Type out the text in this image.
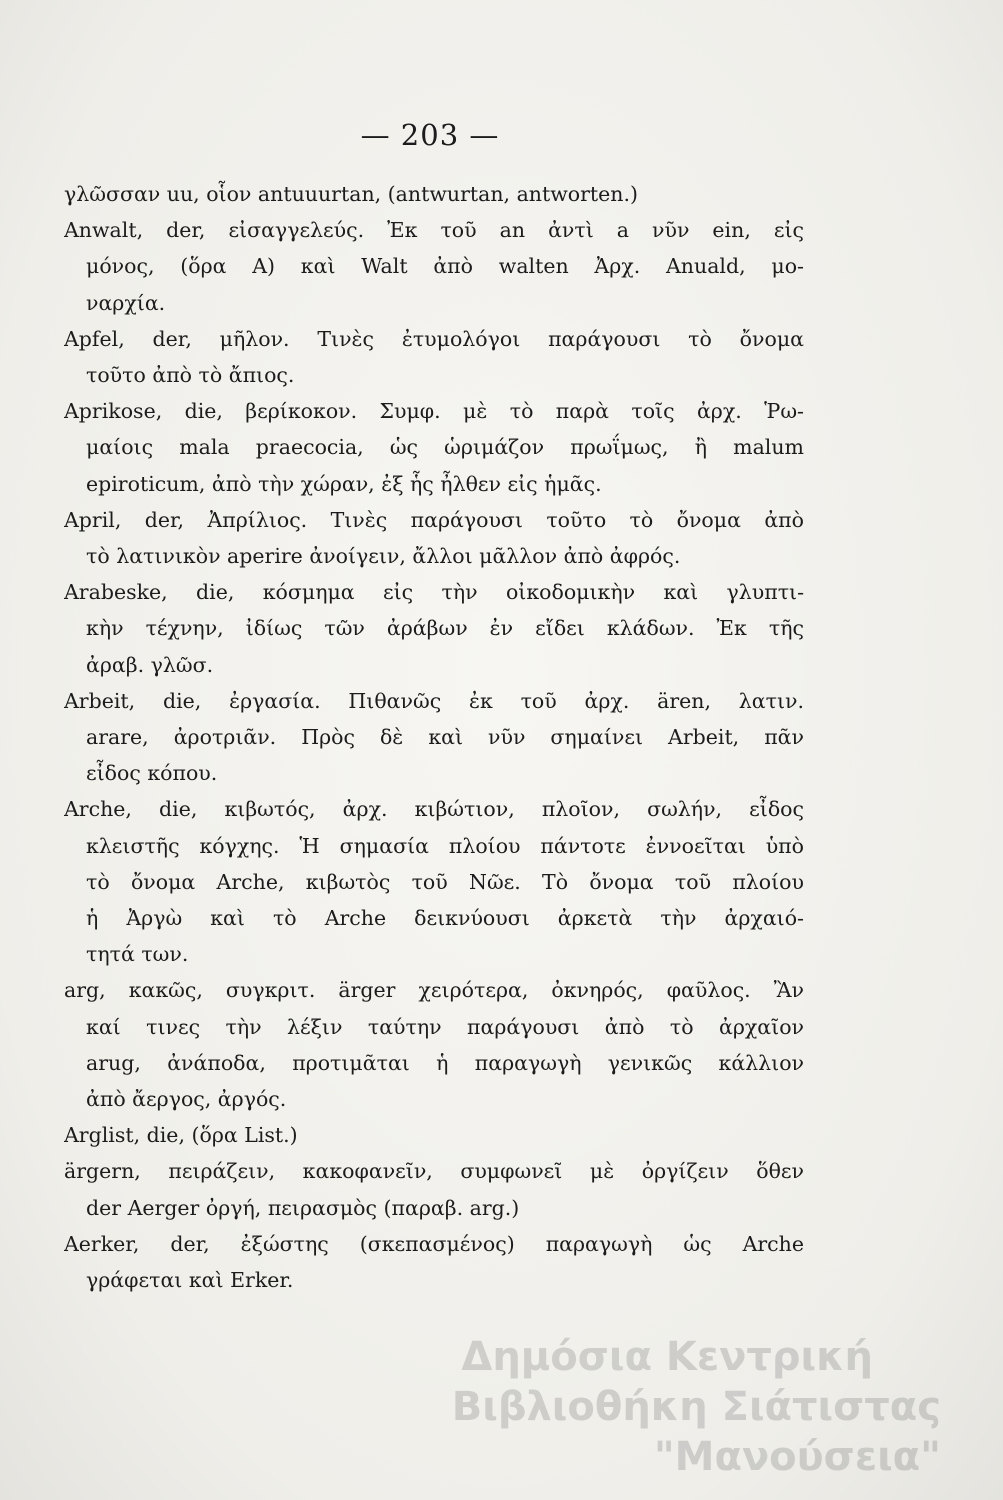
— 203 —
γλῶσσαν uu, οἷον antuuurtan, (antwurtan, antworten.)
Anwalt, der, εἰσαγγελεύς. Ἐκ τοῦ an ἀντὶ a νῦν ein, εἰς
μόνος, (ὅρα A) καὶ Walt ἀπὸ walten Ἀρχ. Anuald, μο-
ναρχία.
Apfel, der, μῆλον. Τινὲς ἐτυμολόγοι παράγουσι τὸ ὄνομα
τοῦτο ἀπὸ τὸ ἄπιος.
Aprikose, die, βερίκοκον. Συμφ. μὲ τὸ παρὰ τοῖς ἀρχ. Ῥω-
μαίοις mala praecocia, ὡς ὡριμάζον πρωΐμως, ἢ malum
epiroticum, ἀπὸ τὴν χώραν, ἐξ ἧς ἦλθεν εἰς ἡμᾶς.
April, der, Ἀπρίλιος. Τινὲς παράγουσι τοῦτο τὸ ὄνομα ἀπὸ
τὸ λατινικὸν aperire ἀνοίγειν, ἄλλοι μᾶλλον ἀπὸ ἀφρός.
Arabeske, die, κόσμημα εἰς τὴν οἰκοδομικὴν καὶ γλυπτι-
κὴν τέχνην, ἰδίως τῶν ἀράβων ἐν εἴδει κλάδων. Ἐκ τῆς
ἀραβ. γλῶσ.
Arbeit, die, ἐργασία. Πιθανῶς ἐκ τοῦ ἀρχ. ären, λατιν.
arare, ἀροτριᾶν. Πρὸς δὲ καὶ νῦν σημαίνει Arbeit, πᾶν
εἶδος κόπου.
Arche, die, κιβωτός, ἀρχ. κιβώτιον, πλοῖον, σωλήν, εἶδος
κλειστῆς κόγχης. Ἡ σημασία πλοίου πάντοτε ἐννοεῖται ὑπὸ
τὸ ὄνομα Arche, κιβωτὸς τοῦ Νῶε. Τὸ ὄνομα τοῦ πλοίου
ἡ Ἀργὼ καὶ τὸ Arche δεικνύουσι ἀρκετὰ τὴν ἀρχαιό-
τητά των.
arg, κακῶς, συγκριτ. ärger χειρότερα, ὀκνηρός, φαῦλος. Ἂν
καί τινες τὴν λέξιν ταύτην παράγουσι ἀπὸ τὸ ἀρχαῖον
arug, ἀνάποδα, προτιμᾶται ἡ παραγωγὴ γενικῶς κάλλιον
ἀπὸ ἄεργος, ἀργός.
Arglist, die, (ὅρα List.)
ärgern, πειράζειν, κακοφανεῖν, συμφωνεῖ μὲ ὀργίζειν ὅθεν
der Aerger ὀργή, πειρασμὸς (παραβ. arg.)
Aerker, der, ἐξώστης (σκεπασμένος) παραγωγὴ ὡς Arche
γράφεται καὶ Erker.
Δημόσια Κεντρική
Βιβλιοθήκη Σιάτιστας "Μανούσεια"
